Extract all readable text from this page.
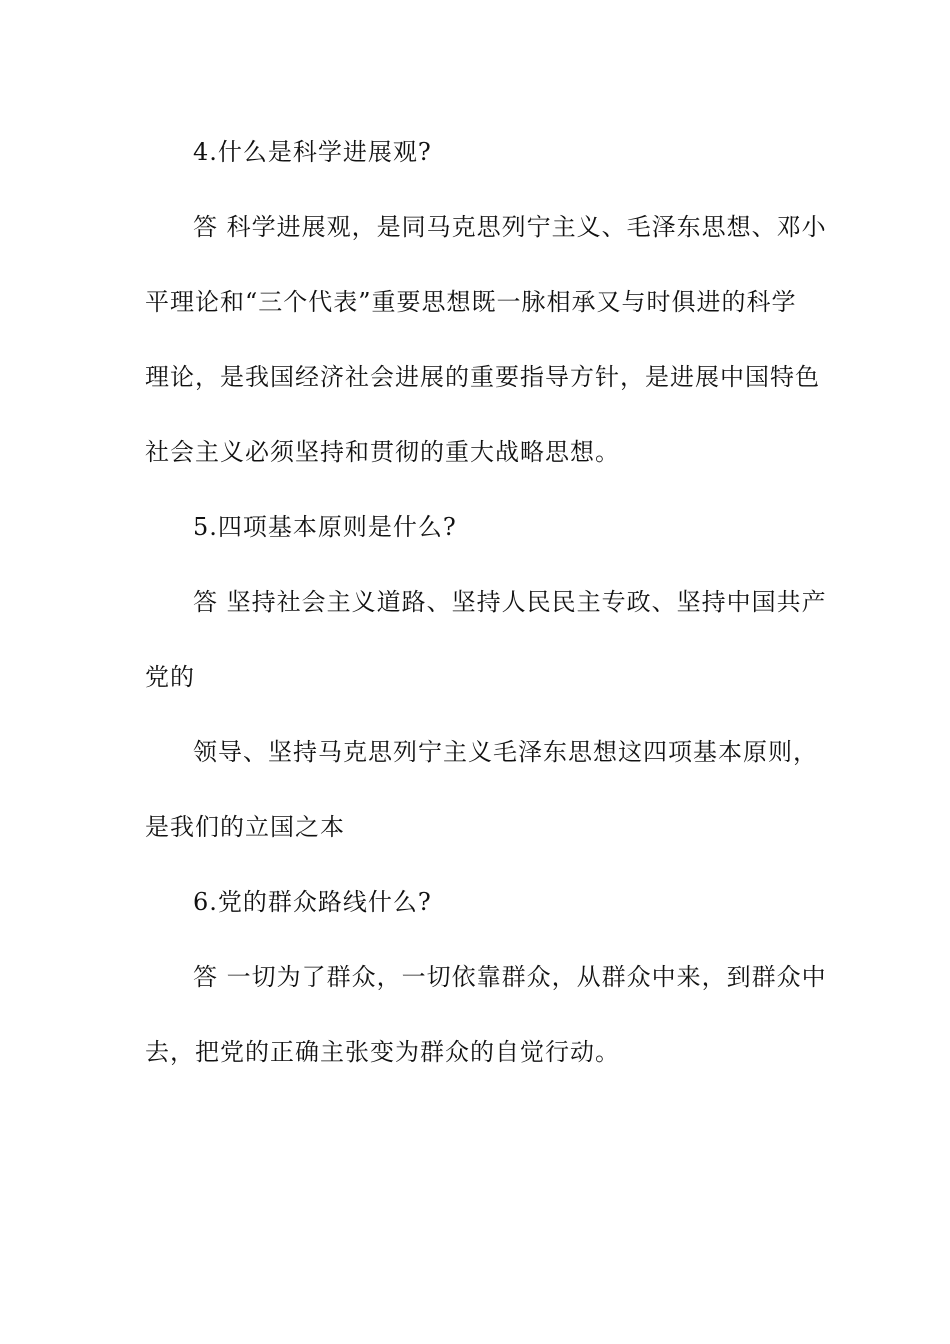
4.什么是科学进展观?
答 科学进展观，是同马克思列宁主义、毛泽东思想、邓小
平理论和“三个代表”重要思想既一脉相承又与时俱进的科学
理论，是我国经济社会进展的重要指导方针，是进展中国特色
社会主义必须坚持和贯彻的重大战略思想。
5.四项基本原则是什么?
答 坚持社会主义道路、坚持人民民主专政、坚持中国共产
党的
领导、坚持马克思列宁主义毛泽东思想这四项基本原则，
是我们的立国之本
6.党的群众路线什么?
答 一切为了群众，一切依靠群众，从群众中来，到群众中
去，把党的正确主张变为群众的自觉行动。
